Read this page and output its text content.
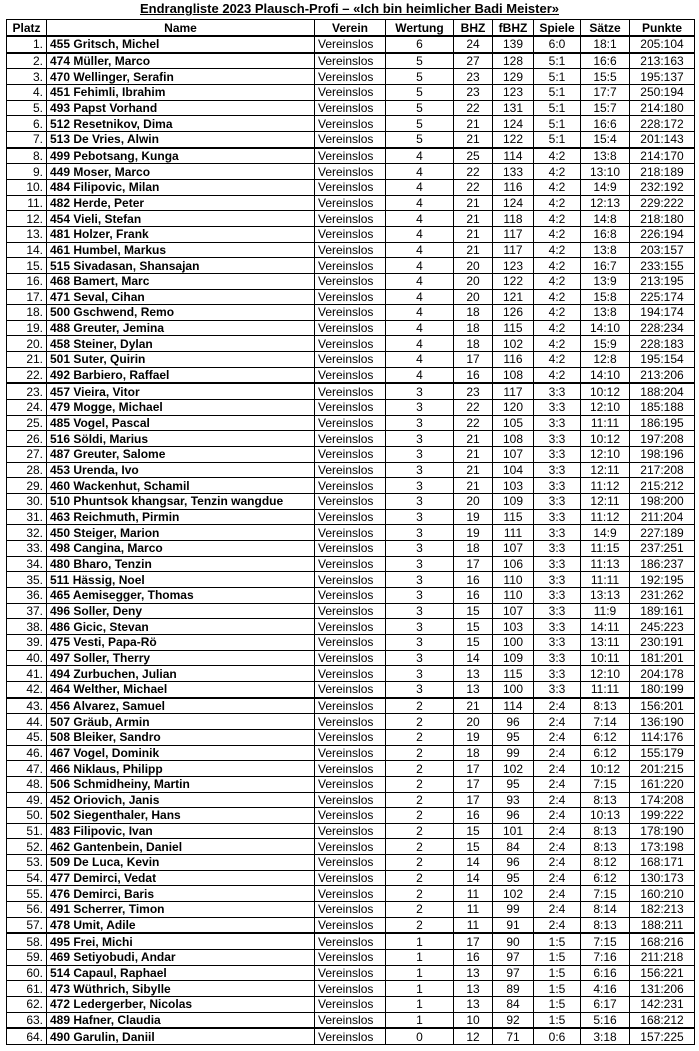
Endrangliste 2023 Plausch-Profi – «Ich bin heimlicher Badi Meister»
Platz	Name	Verein	Wertung	BHZ	fBHZ	Spiele	Sätze	Punkte
1.	455 Gritsch, Michel	Vereinslos	6	24	139	6:0	18:1	205:104
2.	474 Müller, Marco	Vereinslos	5	27	128	5:1	16:6	213:163
3.	470 Wellinger, Serafin	Vereinslos	5	23	129	5:1	15:5	195:137
4.	451 Fehimli, Ibrahim	Vereinslos	5	23	123	5:1	17:7	250:194
5.	493 Papst Vorhand	Vereinslos	5	22	131	5:1	15:7	214:180
6.	512 Resetnikov, Dima	Vereinslos	5	21	124	5:1	16:6	228:172
7.	513 De Vries, Alwin	Vereinslos	5	21	122	5:1	15:4	201:143
8.	499 Pebotsang, Kunga	Vereinslos	4	25	114	4:2	13:8	214:170
9.	449 Moser, Marco	Vereinslos	4	22	133	4:2	13:10	218:189
10.	484 Filipovic, Milan	Vereinslos	4	22	116	4:2	14:9	232:192
11.	482 Herde, Peter	Vereinslos	4	21	124	4:2	12:13	229:222
12.	454 Vieli, Stefan	Vereinslos	4	21	118	4:2	14:8	218:180
13.	481 Holzer, Frank	Vereinslos	4	21	117	4:2	16:8	226:194
14.	461 Humbel, Markus	Vereinslos	4	21	117	4:2	13:8	203:157
15.	515 Sivadasan, Shansajan	Vereinslos	4	20	123	4:2	16:7	233:155
16.	468 Bamert, Marc	Vereinslos	4	20	122	4:2	13:9	213:195
17.	471 Seval, Cihan	Vereinslos	4	20	121	4:2	15:8	225:174
18.	500 Gschwend, Remo	Vereinslos	4	18	126	4:2	13:8	194:174
19.	488 Greuter, Jemina	Vereinslos	4	18	115	4:2	14:10	228:234
20.	458 Steiner, Dylan	Vereinslos	4	18	102	4:2	15:9	228:183
21.	501 Suter, Quirin	Vereinslos	4	17	116	4:2	12:8	195:154
22.	492 Barbiero, Raffael	Vereinslos	4	16	108	4:2	14:10	213:206
23.	457 Vieira, Vitor	Vereinslos	3	23	117	3:3	10:12	188:204
24.	479 Mogge, Michael	Vereinslos	3	22	120	3:3	12:10	185:188
25.	485 Vogel, Pascal	Vereinslos	3	22	105	3:3	11:11	186:195
26.	516 Söldi, Marius	Vereinslos	3	21	108	3:3	10:12	197:208
27.	487 Greuter, Salome	Vereinslos	3	21	107	3:3	12:10	198:196
28.	453 Urenda, Ivo	Vereinslos	3	21	104	3:3	12:11	217:208
29.	460 Wackenhut, Schamil	Vereinslos	3	21	103	3:3	11:12	215:212
30.	510 Phuntsok khangsar, Tenzin wangdue	Vereinslos	3	20	109	3:3	12:11	198:200
31.	463 Reichmuth, Pirmin	Vereinslos	3	19	115	3:3	11:12	211:204
32.	450 Steiger, Marion	Vereinslos	3	19	111	3:3	14:9	227:189
33.	498 Cangina, Marco	Vereinslos	3	18	107	3:3	11:15	237:251
34.	480 Bharo, Tenzin	Vereinslos	3	17	106	3:3	11:13	186:237
35.	511 Hässig, Noel	Vereinslos	3	16	110	3:3	11:11	192:195
36.	465 Aemisegger, Thomas	Vereinslos	3	16	110	3:3	13:13	231:262
37.	496 Soller, Deny	Vereinslos	3	15	107	3:3	11:9	189:161
38.	486 Gicic, Stevan	Vereinslos	3	15	103	3:3	14:11	245:223
39.	475 Vesti, Papa-Rö	Vereinslos	3	15	100	3:3	13:11	230:191
40.	497 Soller, Therry	Vereinslos	3	14	109	3:3	10:11	181:201
41.	494 Zurbuchen, Julian	Vereinslos	3	13	115	3:3	12:10	204:178
42.	464 Welther, Michael	Vereinslos	3	13	100	3:3	11:11	180:199
43.	456 Alvarez, Samuel	Vereinslos	2	21	114	2:4	8:13	156:201
44.	507 Gräub, Armin	Vereinslos	2	20	96	2:4	7:14	136:190
45.	508 Bleiker, Sandro	Vereinslos	2	19	95	2:4	6:12	114:176
46.	467 Vogel, Dominik	Vereinslos	2	18	99	2:4	6:12	155:179
47.	466 Niklaus, Philipp	Vereinslos	2	17	102	2:4	10:12	201:215
48.	506 Schmidheiny, Martin	Vereinslos	2	17	95	2:4	7:15	161:220
49.	452 Oriovich, Janis	Vereinslos	2	17	93	2:4	8:13	174:208
50.	502 Siegenthaler, Hans	Vereinslos	2	16	96	2:4	10:13	199:222
51.	483 Filipovic, Ivan	Vereinslos	2	15	101	2:4	8:13	178:190
52.	462 Gantenbein, Daniel	Vereinslos	2	15	84	2:4	8:13	173:198
53.	509 De Luca, Kevin	Vereinslos	2	14	96	2:4	8:12	168:171
54.	477 Demirci, Vedat	Vereinslos	2	14	95	2:4	6:12	130:173
55.	476 Demirci, Baris	Vereinslos	2	11	102	2:4	7:15	160:210
56.	491 Scherrer, Timon	Vereinslos	2	11	99	2:4	8:14	182:213
57.	478 Umit, Adile	Vereinslos	2	11	91	2:4	8:13	188:211
58.	495 Frei, Michi	Vereinslos	1	17	90	1:5	7:15	168:216
59.	469 Setiyobudi, Andar	Vereinslos	1	16	97	1:5	7:16	211:218
60.	514 Capaul, Raphael	Vereinslos	1	13	97	1:5	6:16	156:221
61.	473 Wüthrich, Sibylle	Vereinslos	1	13	89	1:5	4:16	131:206
62.	472 Ledergerber, Nicolas	Vereinslos	1	13	84	1:5	6:17	142:231
63.	489 Hafner, Claudia	Vereinslos	1	10	92	1:5	5:16	168:212
64.	490 Garulin, Daniil	Vereinslos	0	12	71	0:6	3:18	157:225
